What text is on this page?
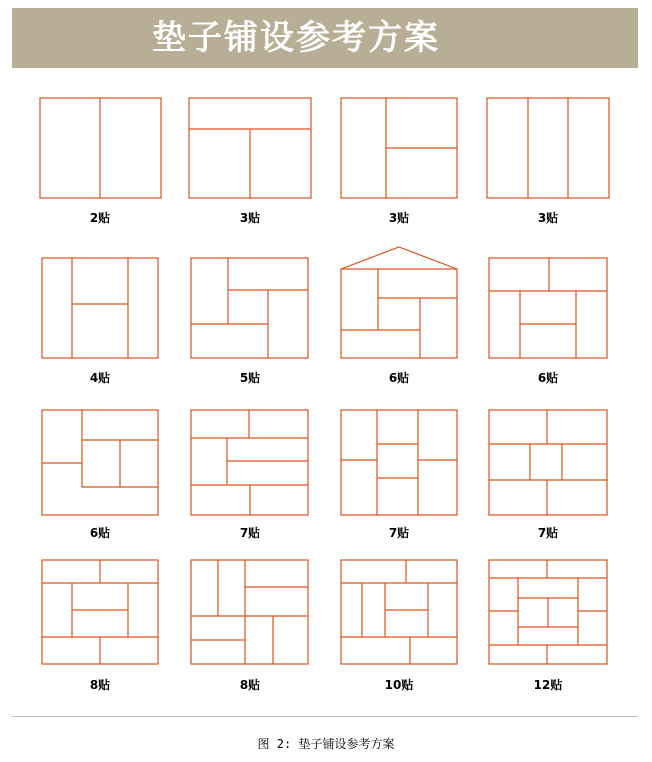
垫子铺设参考方案
2贴	3贴	3贴	3贴
4贴	5贴	6贴	6贴
6贴	7贴	7贴	7贴
8贴	8贴	10贴	12贴
图 2: 垫子铺设参考方案
